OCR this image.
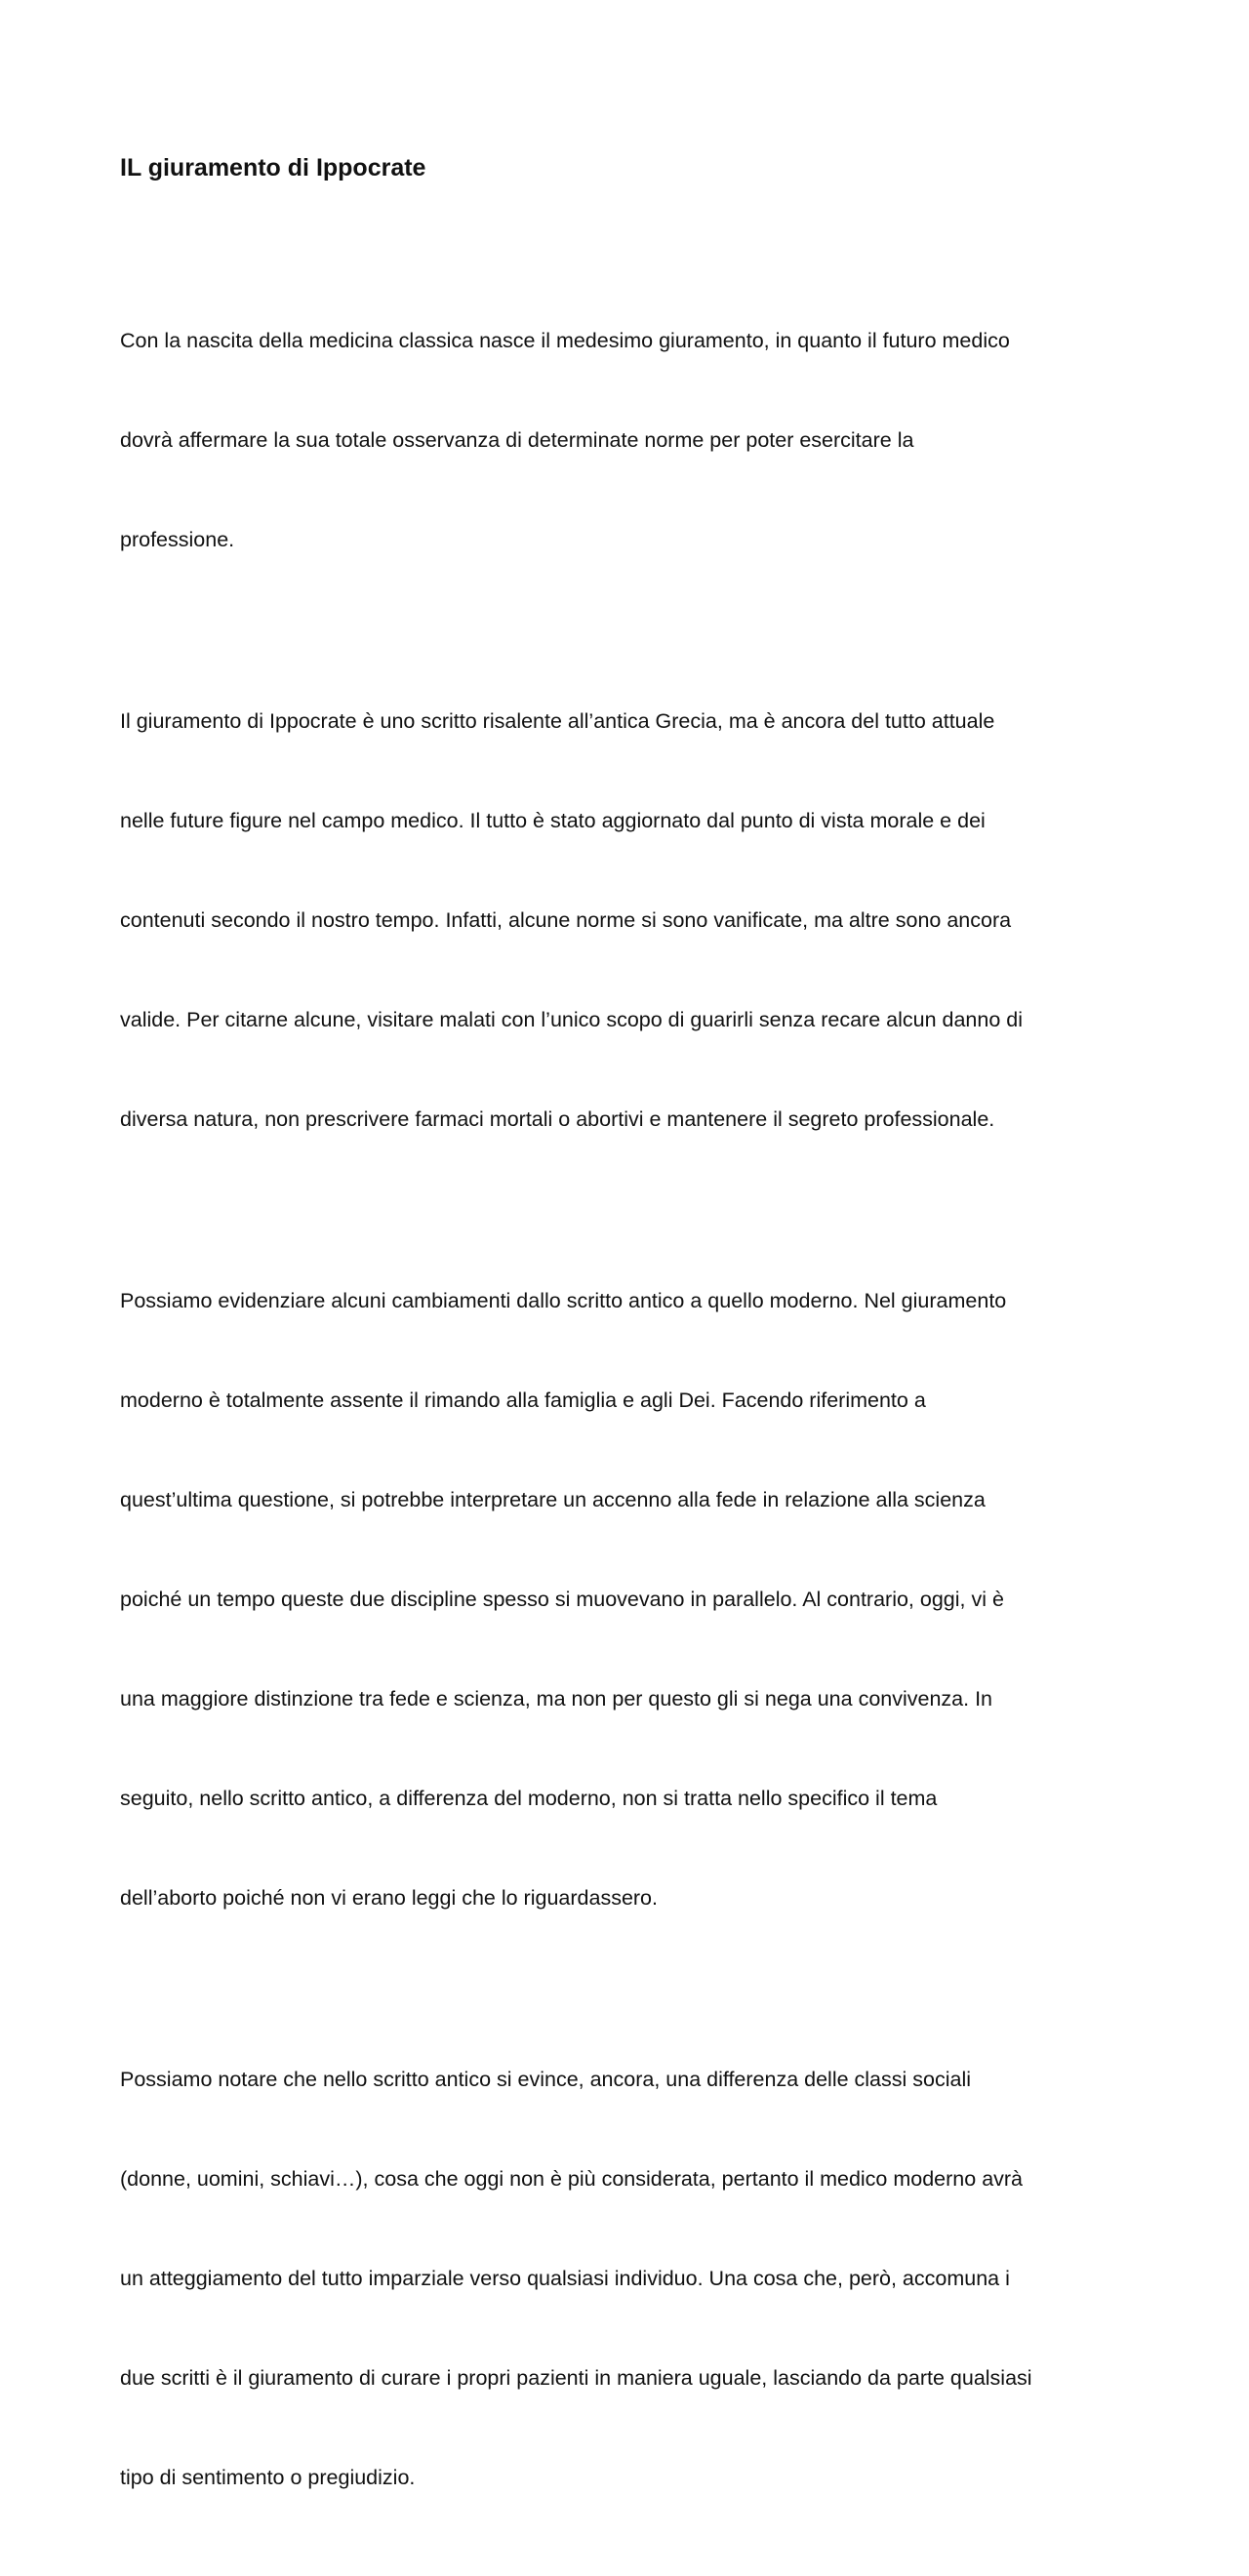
IL giuramento di Ippocrate

Con la nascita della medicina classica nasce il medesimo giuramento, in quanto il futuro medico

dovrà affermare la sua totale osservanza di determinate norme per poter esercitare la

professione.

Il giuramento di Ippocrate è uno scritto risalente all’antica Grecia, ma è ancora del tutto attuale

nelle future figure nel campo medico. Il tutto è stato aggiornato dal punto di vista morale e dei

contenuti secondo il nostro tempo. Infatti, alcune norme si sono vanificate, ma altre sono ancora

valide. Per citarne alcune, visitare malati con l’unico scopo di guarirli senza recare alcun danno di

diversa natura, non prescrivere farmaci mortali o abortivi e mantenere il segreto professionale.

Possiamo evidenziare alcuni cambiamenti dallo scritto antico a quello moderno. Nel giuramento

moderno è totalmente assente il rimando alla famiglia e agli Dei. Facendo riferimento a

quest’ultima questione, si potrebbe interpretare un accenno alla fede in relazione alla scienza

poiché un tempo queste due discipline spesso si muovevano in parallelo. Al contrario, oggi, vi è

una maggiore distinzione tra fede e scienza, ma non per questo gli si nega una convivenza. In

seguito, nello scritto antico, a differenza del moderno, non si tratta nello specifico il tema

dell’aborto poiché non vi erano leggi che lo riguardassero.

Possiamo notare che nello scritto antico si evince, ancora, una differenza delle classi sociali

(donne, uomini, schiavi…), cosa che oggi non è più considerata, pertanto il medico moderno avrà

un atteggiamento del tutto imparziale verso qualsiasi individuo. Una cosa che, però, accomuna i

due scritti è il giuramento di curare i propri pazienti in maniera uguale, lasciando da parte qualsiasi

tipo di sentimento o pregiudizio.
